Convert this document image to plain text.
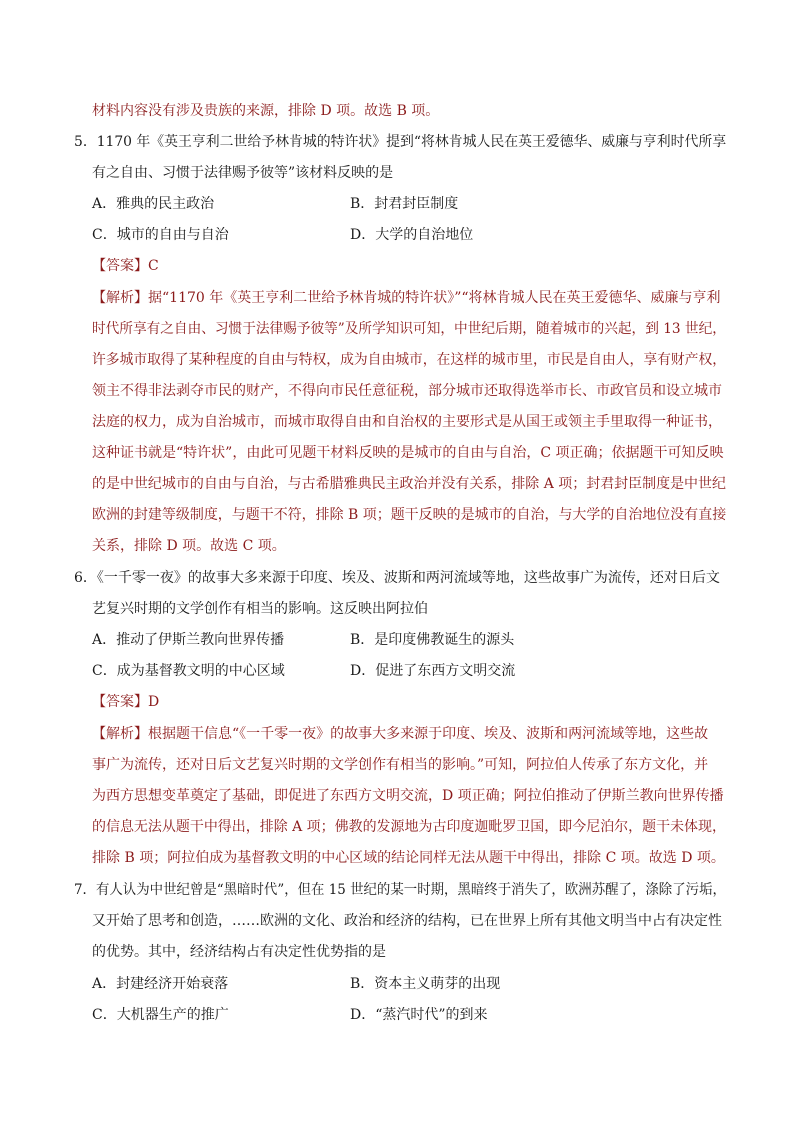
材料内容没有涉及贵族的来源，排除 D 项。故选 B 项。
5．1170 年《英王亨利二世给予林肯城的特许状》提到“将林肯城人民在英王爱德华、威廉与亨利时代所享
有之自由、习惯于法律赐予彼等”该材料反映的是
A．雅典的民主政治	B．封君封臣制度
C．城市的自由与自治	D．大学的自治地位
【答案】C
【解析】据“1170 年《英王亨利二世给予林肯城的特许状》”“将林肯城人民在英王爱德华、威廉与亨利
时代所享有之自由、习惯于法律赐予彼等”及所学知识可知，中世纪后期，随着城市的兴起，到 13 世纪，
许多城市取得了某种程度的自由与特权，成为自由城市，在这样的城市里，市民是自由人，享有财产权，
领主不得非法剥夺市民的财产，不得向市民任意征税，部分城市还取得选举市长、市政官员和设立城市
法庭的权力，成为自治城市，而城市取得自由和自治权的主要形式是从国王或领主手里取得一种证书，
这种证书就是“特许状”，由此可见题干材料反映的是城市的自由与自治，C 项正确；依据题干可知反映
的是中世纪城市的自由与自治，与古希腊雅典民主政治并没有关系，排除 A 项；封君封臣制度是中世纪
欧洲的封建等级制度，与题干不符，排除 B 项；题干反映的是城市的自治，与大学的自治地位没有直接
关系，排除 D 项。故选 C 项。
6．《一千零一夜》的故事大多来源于印度、埃及、波斯和两河流域等地，这些故事广为流传，还对日后文
艺复兴时期的文学创作有相当的影响。这反映出阿拉伯
A．推动了伊斯兰教向世界传播	B．是印度佛教诞生的源头
C．成为基督教文明的中心区域	D．促进了东西方文明交流
【答案】D
【解析】根据题干信息“《一千零一夜》的故事大多来源于印度、埃及、波斯和两河流域等地，这些故
事广为流传，还对日后文艺复兴时期的文学创作有相当的影响。”可知，阿拉伯人传承了东方文化，并
为西方思想变革奠定了基础，即促进了东西方文明交流，D 项正确；阿拉伯推动了伊斯兰教向世界传播
的信息无法从题干中得出，排除 A 项；佛教的发源地为古印度迦毗罗卫国，即今尼泊尔，题干未体现，
排除 B 项；阿拉伯成为基督教文明的中心区域的结论同样无法从题干中得出，排除 C 项。故选 D 项。
7．有人认为中世纪曾是“黑暗时代”，但在 15 世纪的某一时期，黑暗终于消失了，欧洲苏醒了，涤除了污垢，
又开始了思考和创造，……欧洲的文化、政治和经济的结构，已在世界上所有其他文明当中占有决定性
的优势。其中，经济结构占有决定性优势指的是
A．封建经济开始衰落	B．资本主义萌芽的出现
C．大机器生产的推广	D．“蒸汽时代”的到来
